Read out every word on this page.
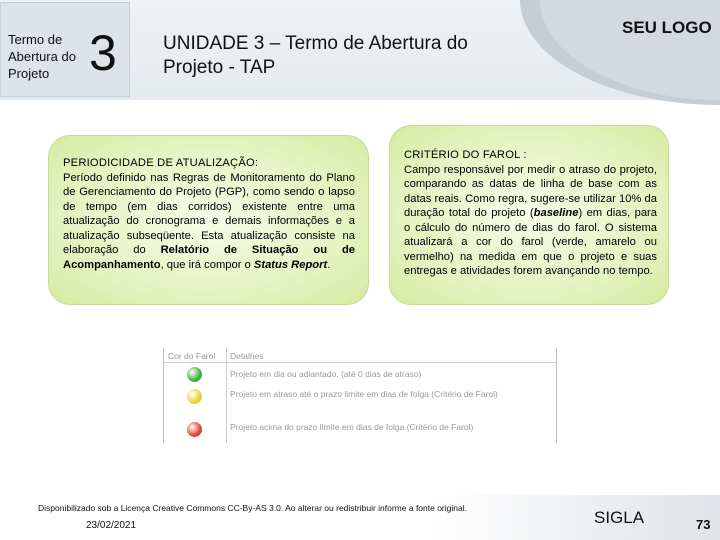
Termo de Abertura do Projeto 3 UNIDADE 3 – Termo de Abertura do Projeto - TAP
SEU LOGO
PERIODICIDADE DE ATUALIZAÇÃO:
Período definido nas Regras de Monitoramento do Plano de Gerenciamento do Projeto (PGP), como sendo o lapso de tempo (em dias corridos) existente entre uma atualização do cronograma e demais informações e a atualização subseqüente. Esta atualização consiste na elaboração do Relatório de Situação ou de Acompanhamento, que irá compor o Status Report.
CRITÉRIO DO FAROL :
Campo responsável por medir o atraso do projeto, comparando as datas de linha de base com as datas reais. Como regra, sugere-se utilizar 10% da duração total do projeto (baseline) em dias, para o cálculo do número de dias do farol. O sistema atualizará a cor do farol (verde, amarelo ou vermelho) na medida em que o projeto e suas entregas e atividades forem avançando no tempo.
Cor do Farol Detalhes
Projeto em dia ou adiantado. (até 0 dias de atraso)
Projeto em atraso até o prazo limite em dias de folga (Critério de Farol)
Projeto acima do prazo limite em dias de folga (Critério de Farol)
Disponibilizado sob a Licença Creative Commons CC-By-AS 3.0. Ao alterar ou redistribuir informe a fonte original.
23/02/2021	SIGLA	73
